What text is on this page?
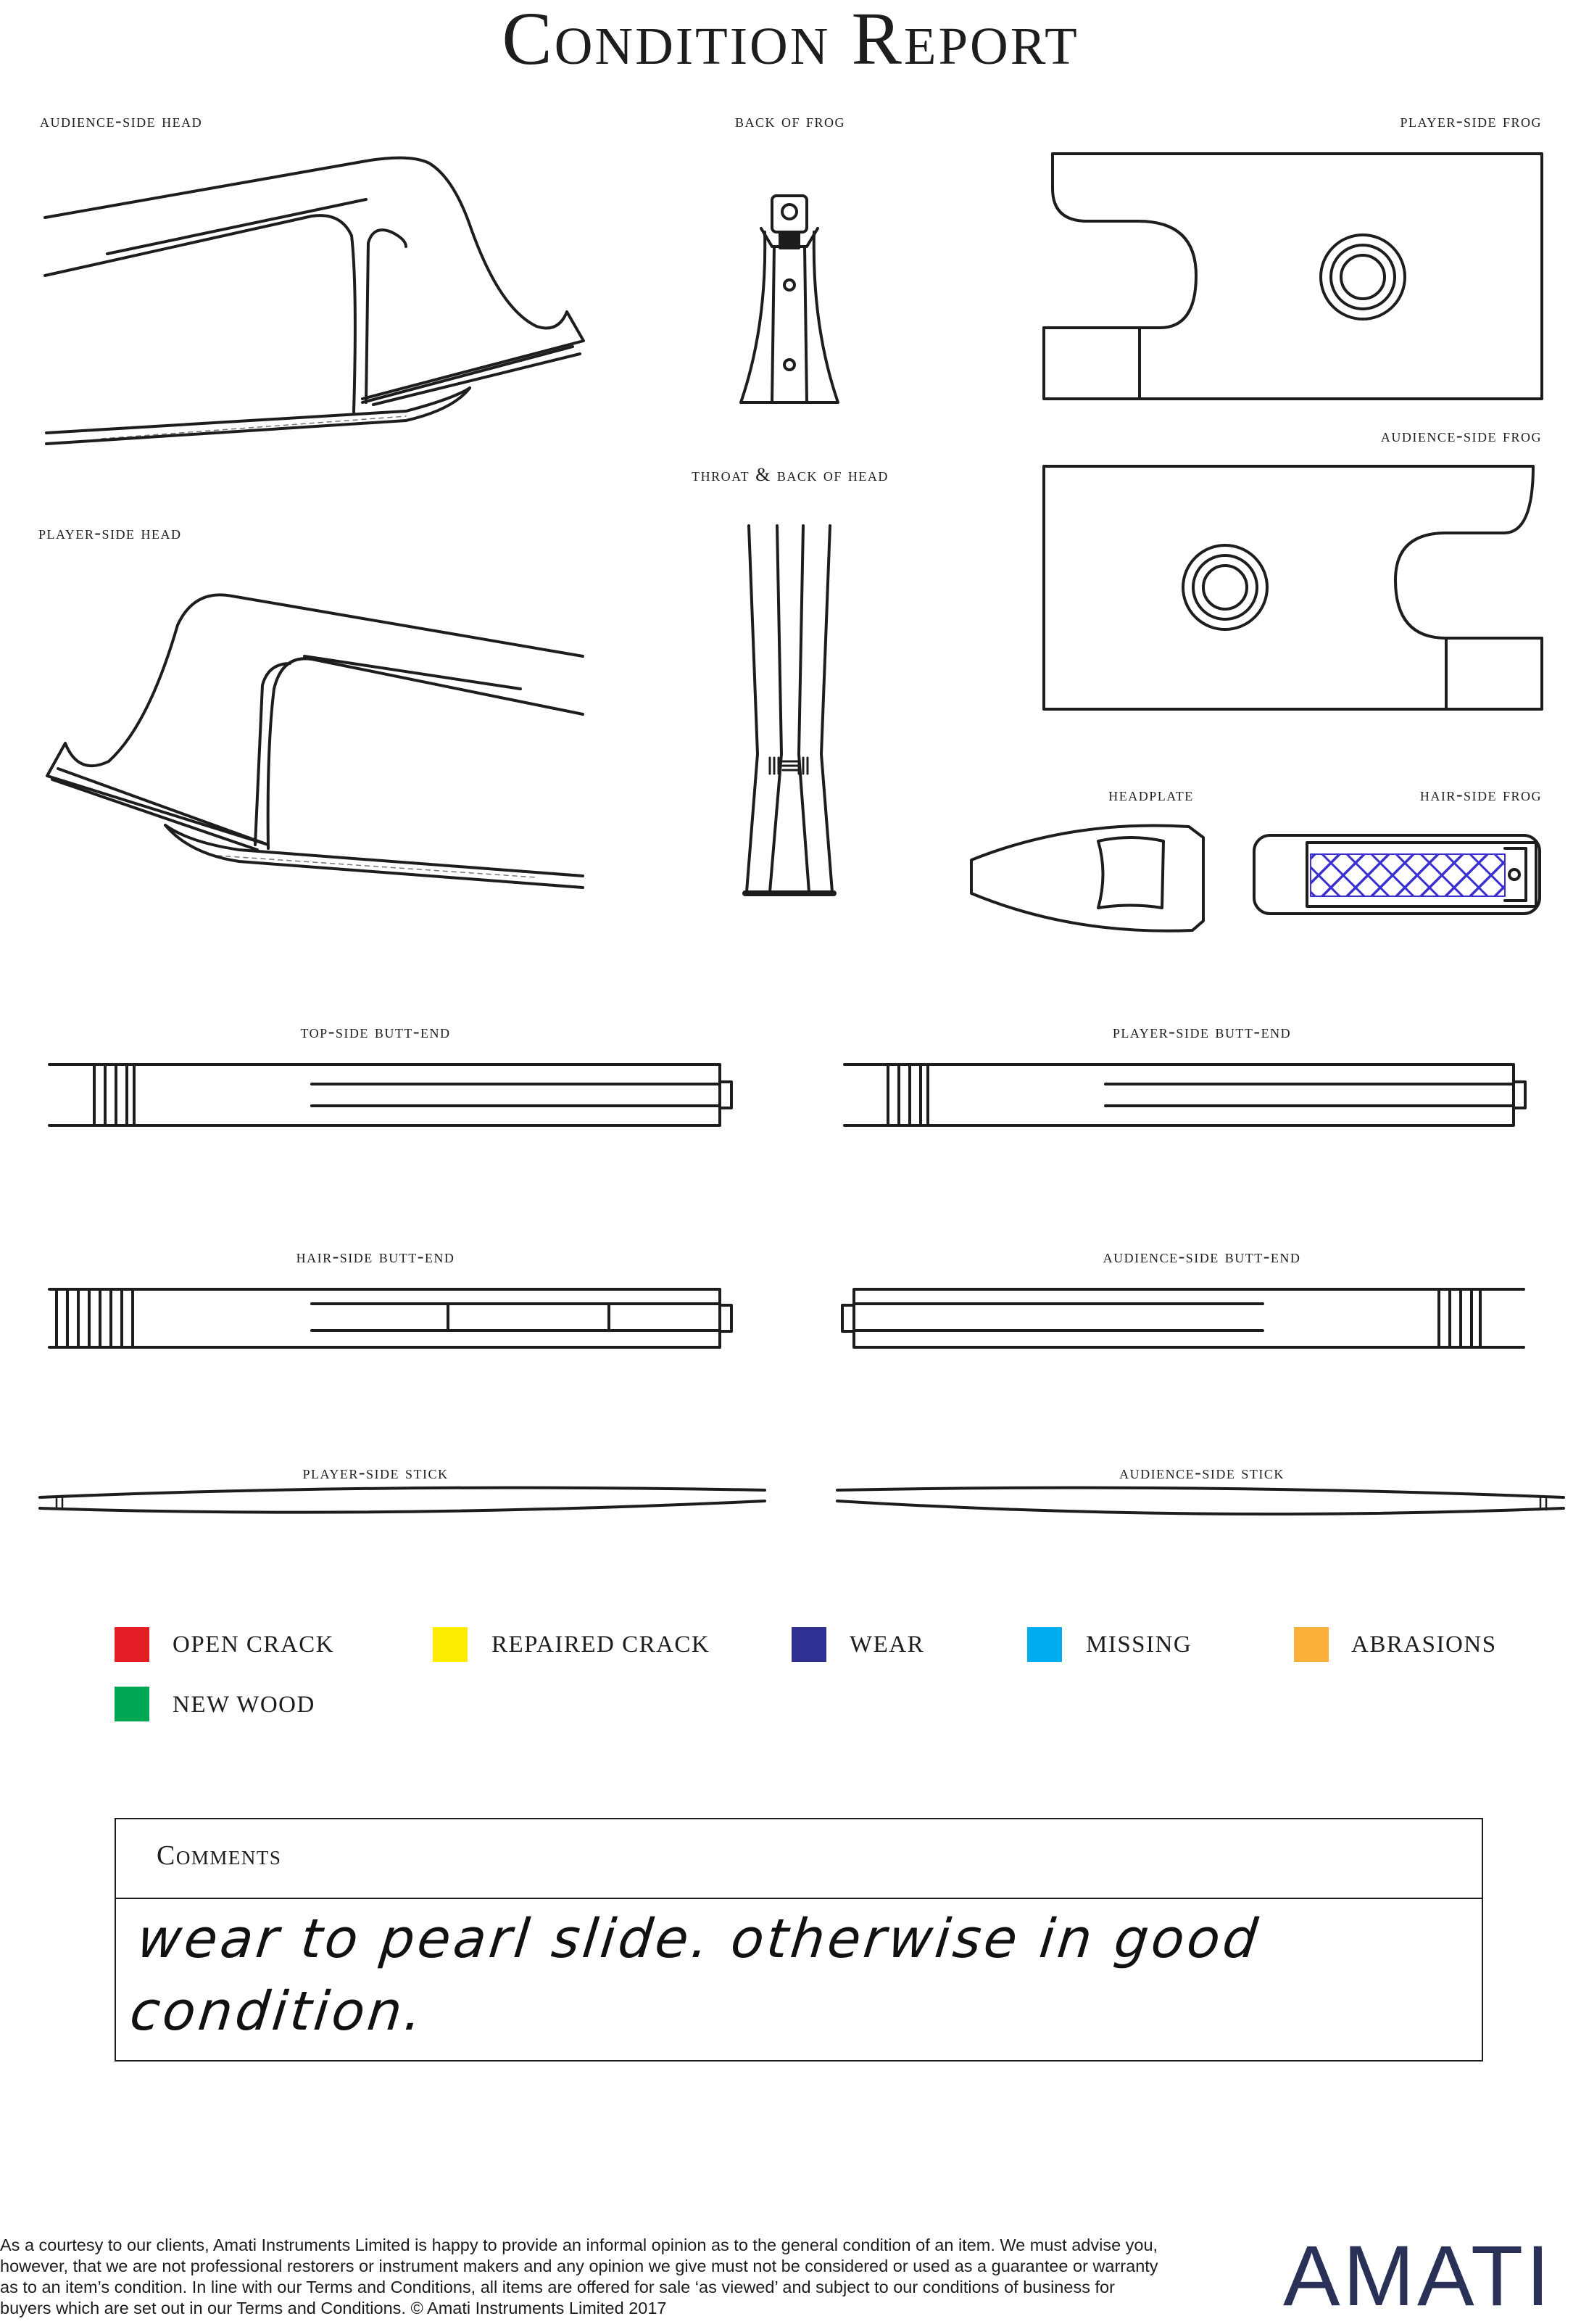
Condition Report
audience-side head	back of frog	player-side frog
throat & back of head
audience-side frog
player-side head
headplate	hair-side frog
top-side butt-end	player-side butt-end
hair-side butt-end	audience-side butt-end
player-side stick	audience-side stick
OPEN CRACK	REPAIRED CRACK	WEAR	MISSING	ABRASIONS
NEW WOOD
Comments
wear to pearl slide. otherwise in good
condition.
As a courtesy to our clients, Amati Instruments Limited is happy to provide an informal opinion as to the general condition of an item. We must advise you, however, that we are not professional restorers or instrument makers and any opinion we give must not be considered or used as a guarantee or warranty as to an item’s condition. In line with our Terms and Conditions, all items are offered for sale ‘as viewed’ and subject to our conditions of business for buyers which are set out in our Terms and Conditions. © Amati Instruments Limited 2017	AMATI
